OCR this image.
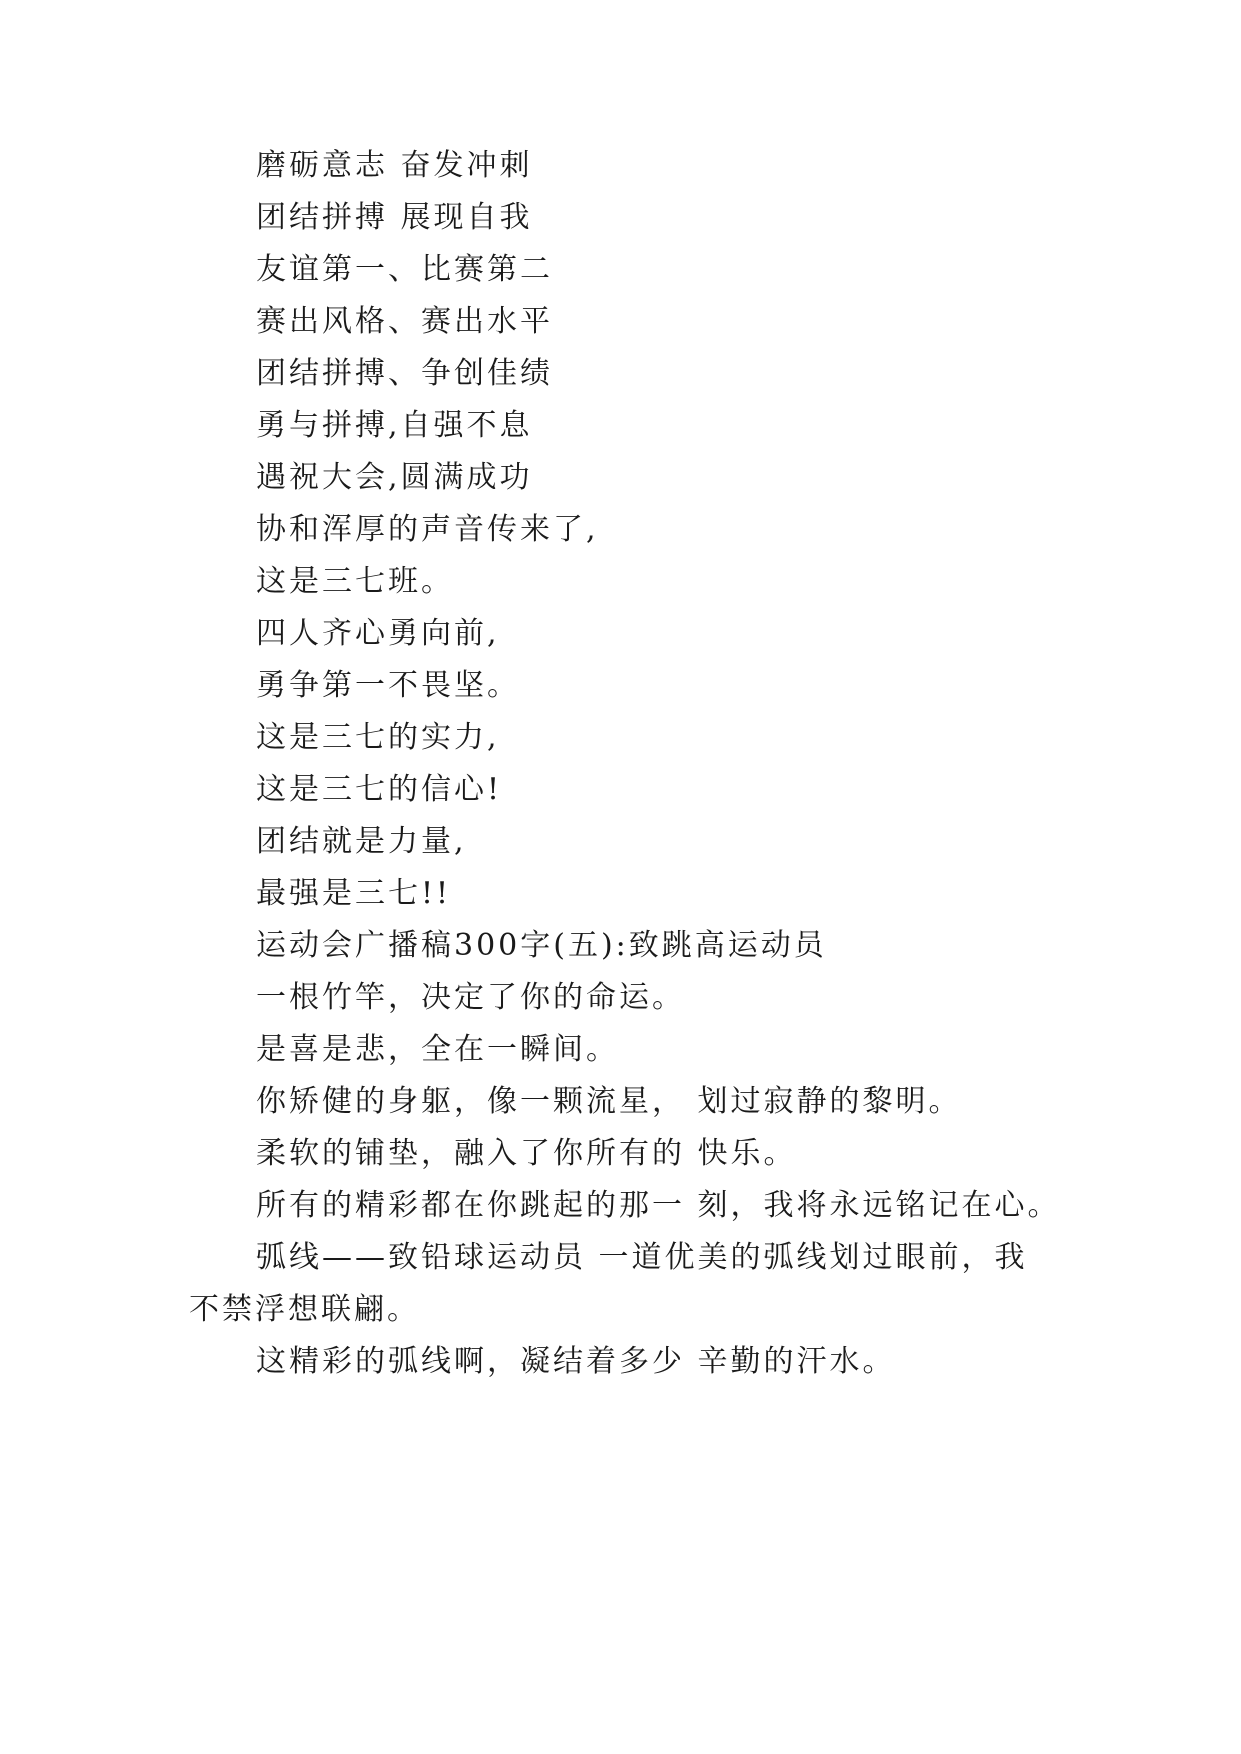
磨砺意志 奋发冲刺
团结拼搏 展现自我
友谊第一、比赛第二
赛出风格、赛出水平
团结拼搏、争创佳绩
勇与拼搏,自强不息
遇祝大会,圆满成功
协和浑厚的声音传来了,
这是三七班。
四人齐心勇向前,
勇争第一不畏坚。
这是三七的实力,
这是三七的信心!
团结就是力量,
最强是三七!!
运动会广播稿300字(五):致跳高运动员
一根竹竿，决定了你的命运。
是喜是悲，全在一瞬间。
你矫健的身躯，像一颗流星， 划过寂静的黎明。
柔软的铺垫，融入了你所有的 快乐。
所有的精彩都在你跳起的那一 刻，我将永远铭记在心。
弧线——致铅球运动员 一道优美的弧线划过眼前，我
不禁浮想联翩。
这精彩的弧线啊，凝结着多少 辛勤的汗水。
